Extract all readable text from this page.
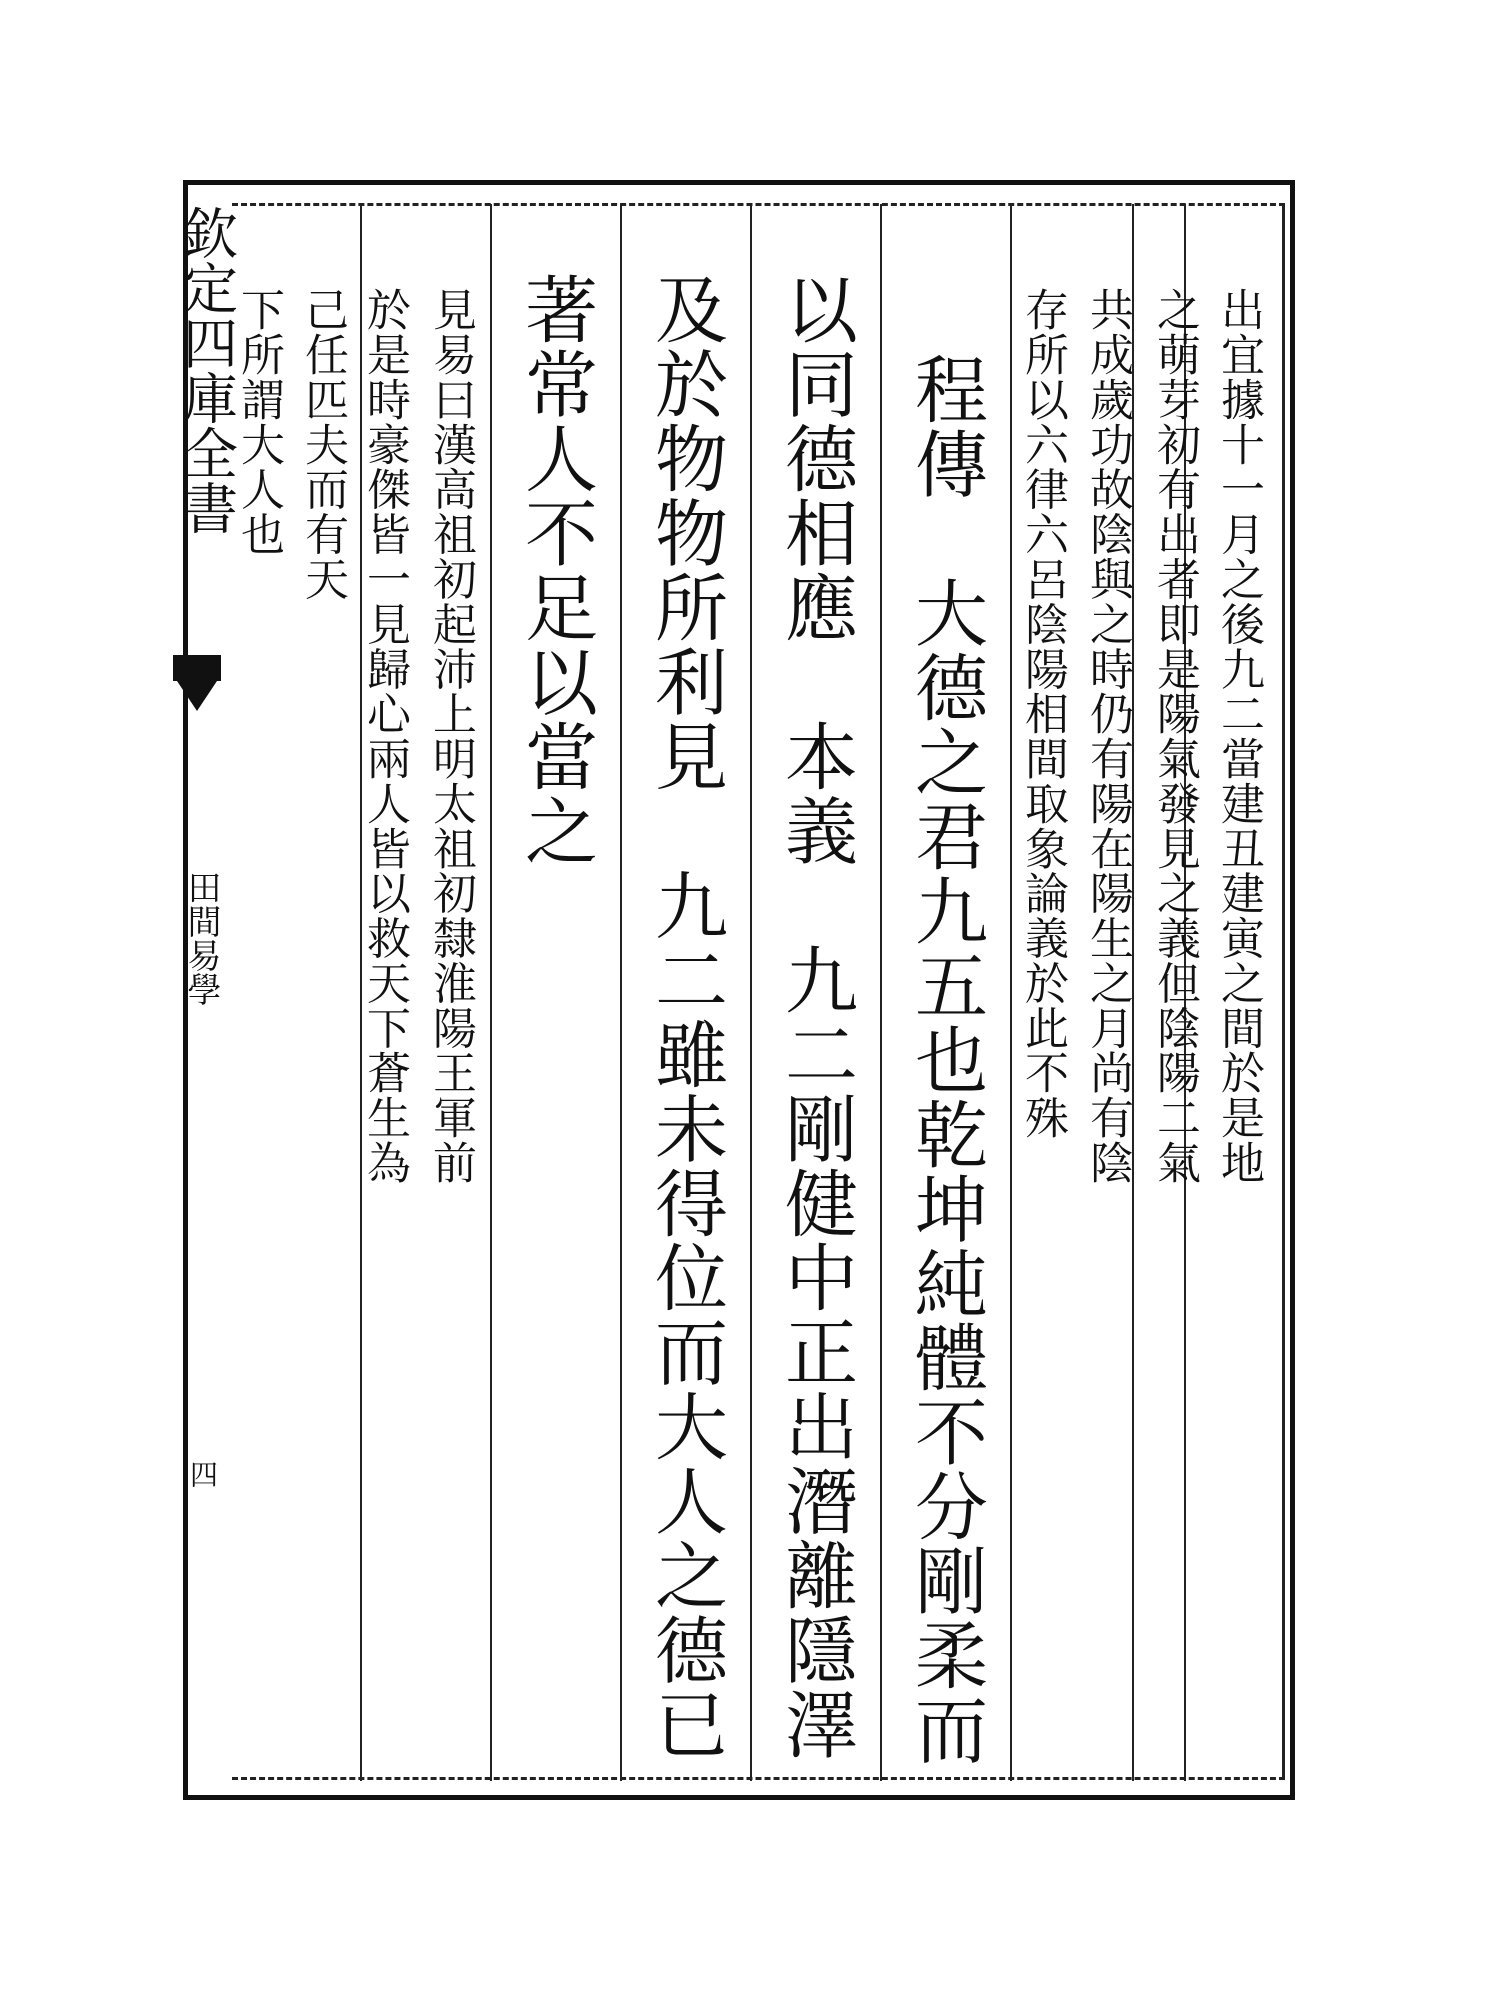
欽定四庫全書
田間易學
四
出宜據十一月之後九二當建丑建寅之間於是地
之萌芽初有出者即是陽氣發見之義但陰陽二氣
共成歲功故陰與之時仍有陽在陽生之月尚有陰
存所以六律六呂陰陽相間取象論義於此不殊
程傳　大德之君九五也乾坤純體不分剛柔而
以同德相應　本義　九二剛健中正出潛離隱澤
及於物物所利見　九二雖未得位而大人之德已
著常人不足以當之
見易曰漢高祖初起沛上明太祖初隸淮陽王軍前
於是時豪傑皆一見歸心兩人皆以救天下蒼生為
己任匹夫而有天
下所謂大人也
